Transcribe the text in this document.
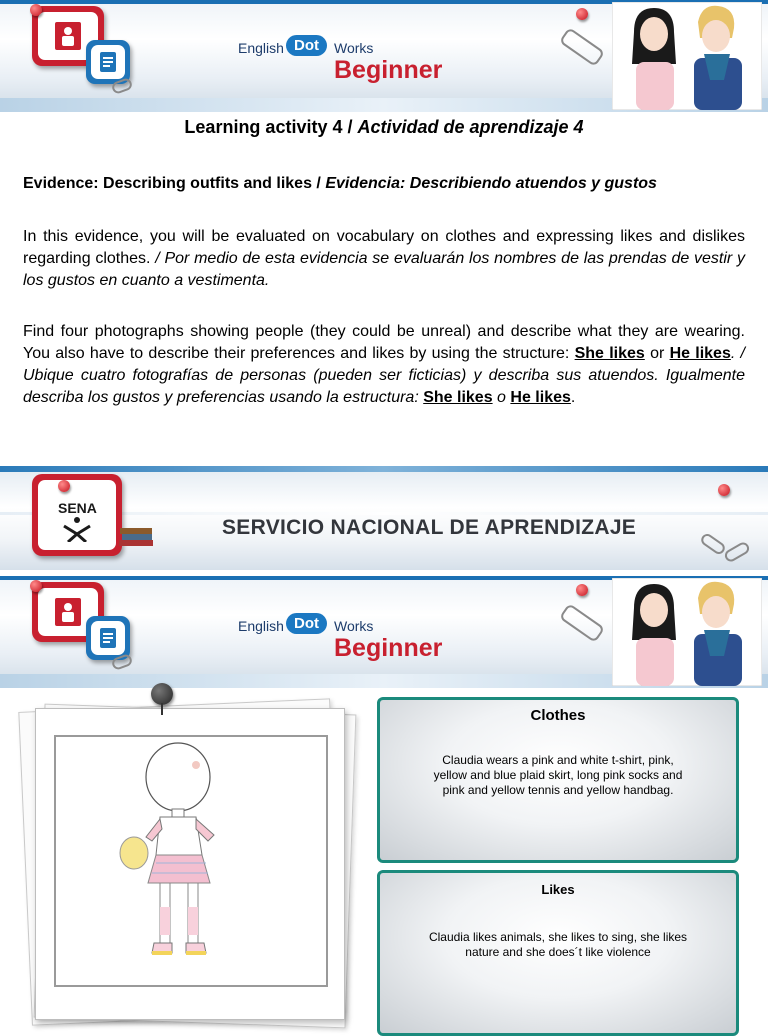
English Dot	Works
Beginner
Learning activity 4 / Actividad de aprendizaje 4
Evidence: Describing outfits and likes / Evidencia: Describiendo atuendos y gustos
In this evidence, you will be evaluated on vocabulary on clothes and expressing likes and dislikes regarding clothes. / Por medio de esta evidencia se evaluarán los nombres de las prendas de vestir y los gustos en cuanto a vestimenta.
Find four photographs showing people (they could be unreal) and describe what they are wearing. You also have to describe their preferences and likes by using the structure: She likes or He likes. / Ubique cuatro fotografías de personas (pueden ser ficticias) y describa sus atuendos. Igualmente describa los gustos y preferencias usando la estructura: She likes o He likes.
SENA
SERVICIO NACIONAL DE APRENDIZAJE
English Dot	Works
Beginner
Clothes
Claudia wears a pink and white t-shirt, pink, yellow and blue plaid skirt, long pink socks and pink and yellow tennis and yellow handbag.
Likes
Claudia likes animals, she likes to sing, she likes nature and she does´t like violence
